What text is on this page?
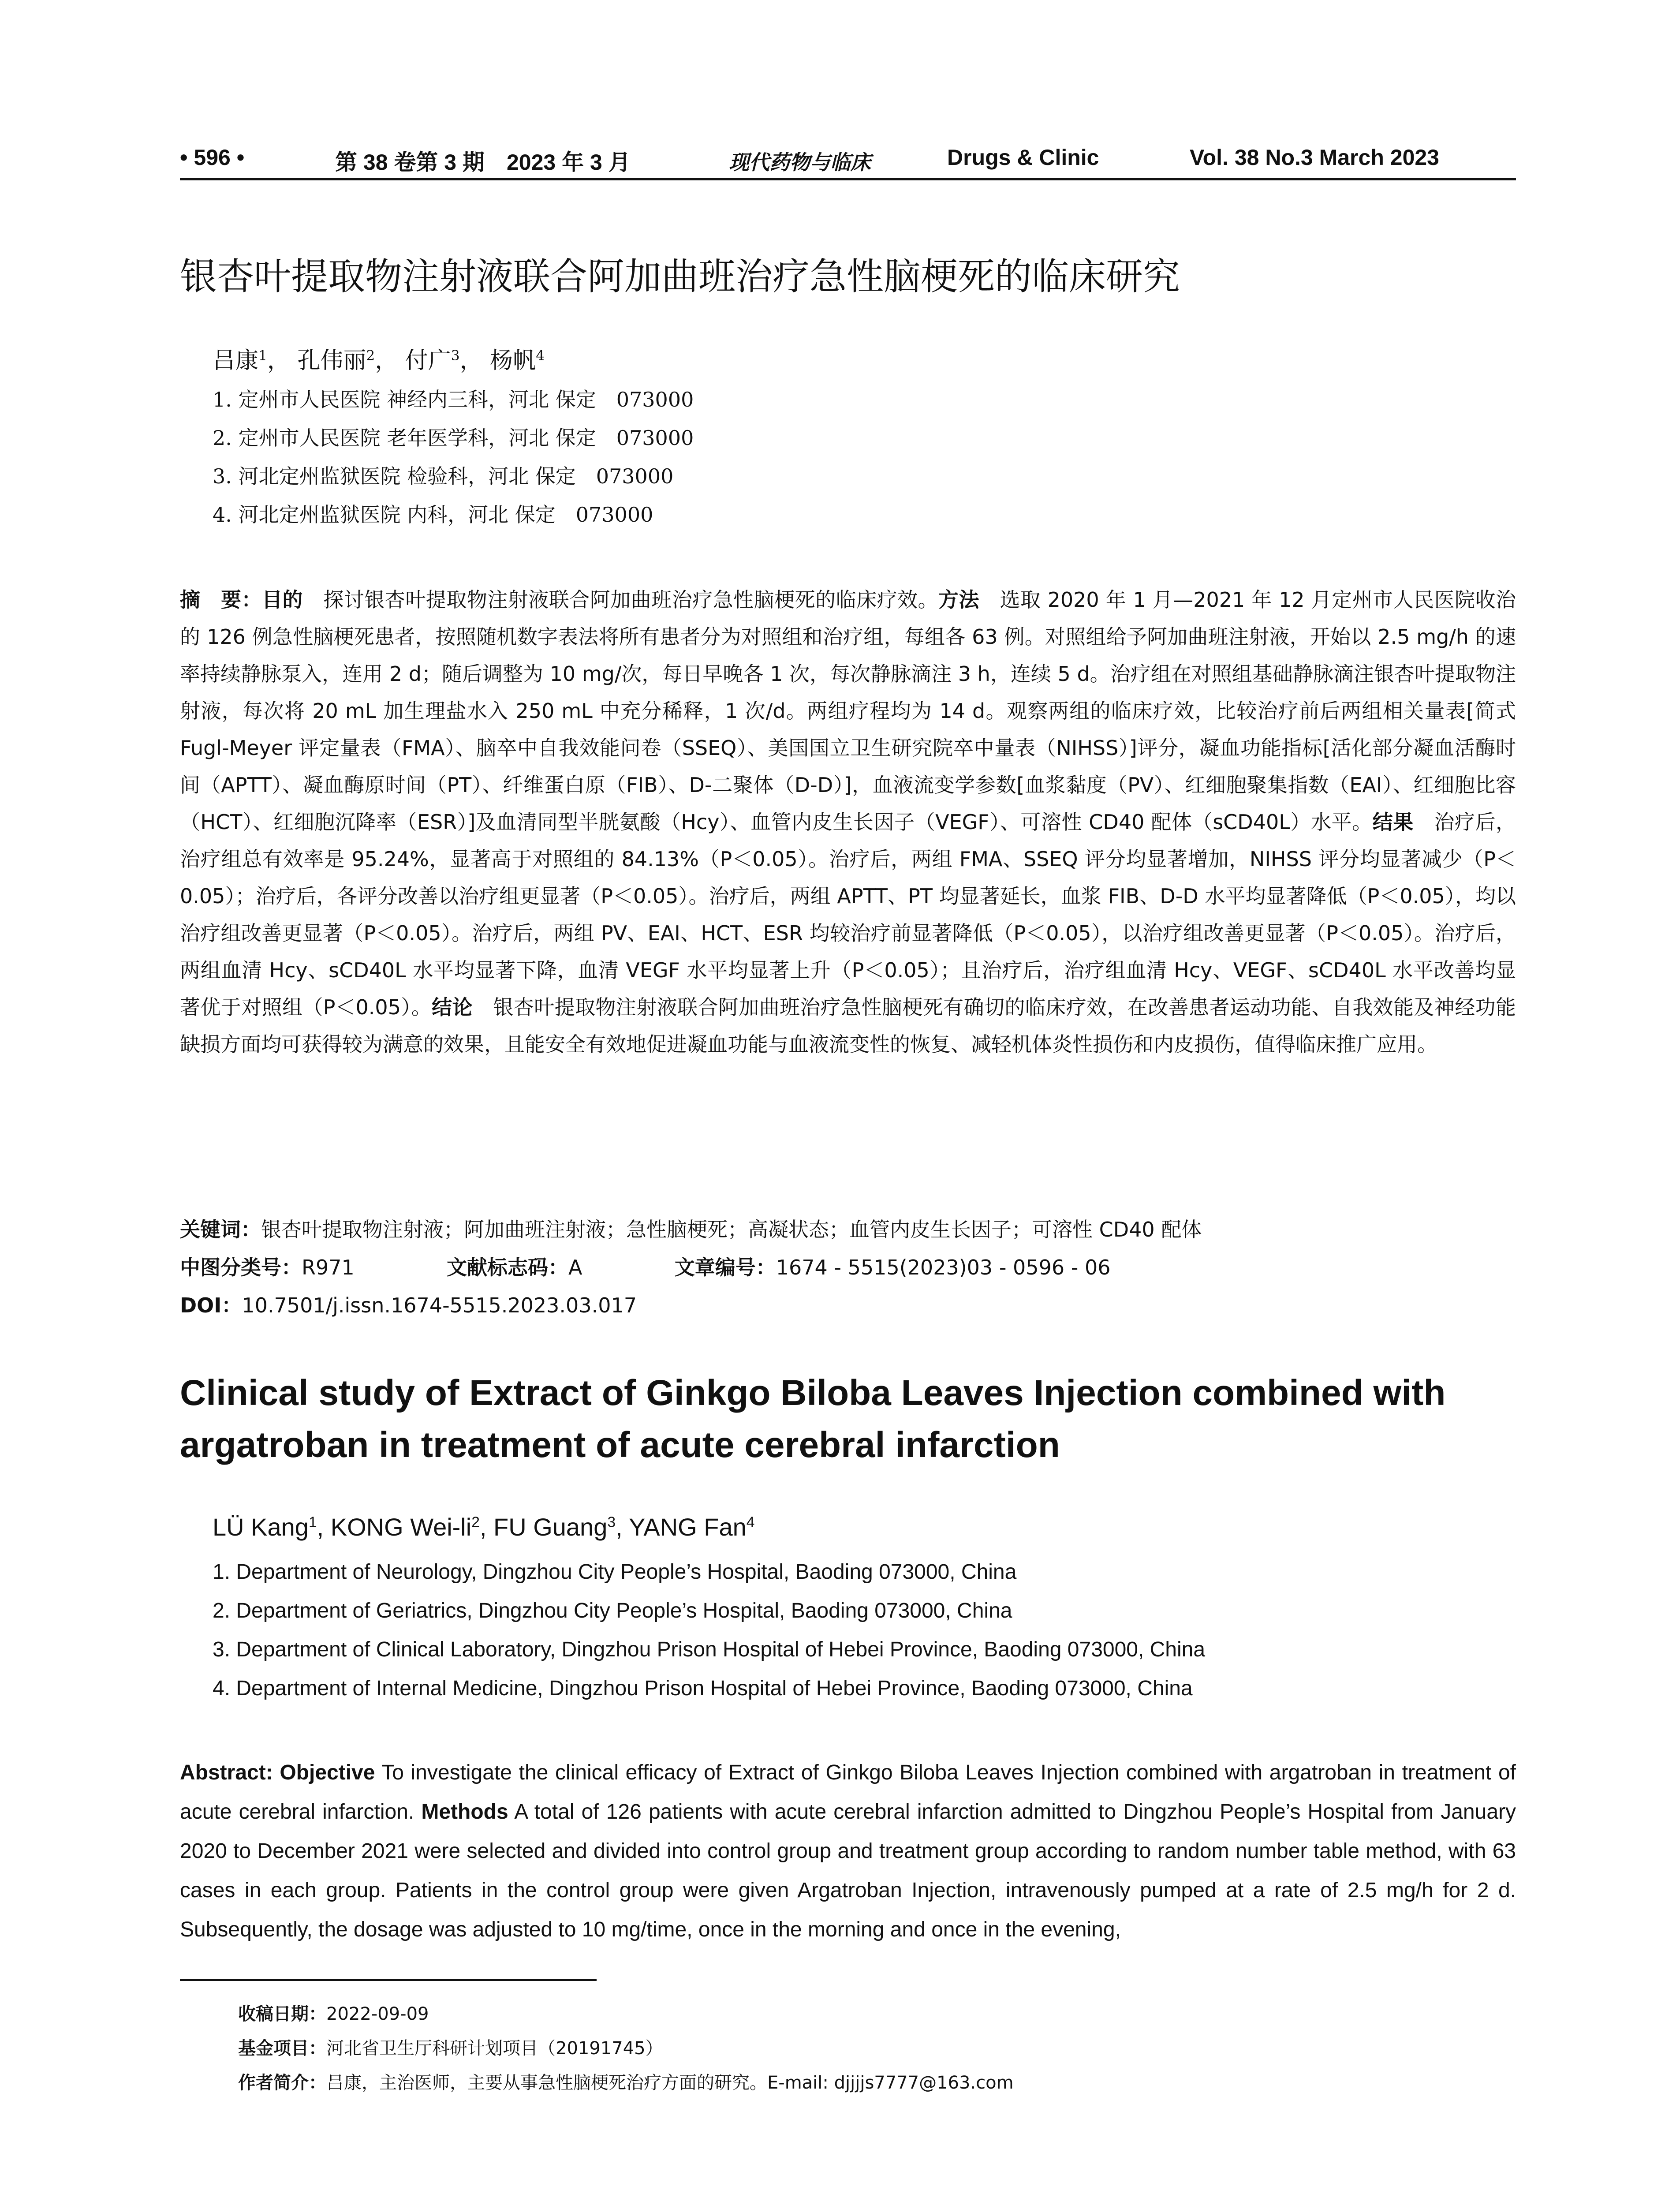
• 596 •	第 38 卷第 3 期　2023 年 3 月	现代药物与临床	Drugs & Clinic	Vol. 38 No.3 March 2023
银杏叶提取物注射液联合阿加曲班治疗急性脑梗死的临床研究
吕康$^1$， 孔伟丽$^2$， 付广$^3$， 杨帆$^4$
1. 定州市人民医院 神经内三科，河北 保定　073000
2. 定州市人民医院 老年医学科，河北 保定　073000
3. 河北定州监狱医院 检验科，河北 保定　073000
4. 河北定州监狱医院 内科，河北 保定　073000
摘　要：目的　探讨银杏叶提取物注射液联合阿加曲班治疗急性脑梗死的临床疗效。方法　选取 2020 年 1 月—2021 年 12 月定州市人民医院收治的 126 例急性脑梗死患者，按照随机数字表法将所有患者分为对照组和治疗组，每组各 63 例。对照组给予阿加曲班注射液，开始以 2.5 mg/h 的速率持续静脉泵入，连用 2 d；随后调整为 10 mg/次，每日早晚各 1 次，每次静脉滴注 3 h，连续 5 d。治疗组在对照组基础静脉滴注银杏叶提取物注射液，每次将 20 mL 加生理盐水入 250 mL 中充分稀释，1 次/d。两组疗程均为 14 d。观察两组的临床疗效，比较治疗前后两组相关量表[简式 Fugl-Meyer 评定量表（FMA）、脑卒中自我效能问卷（SSEQ）、美国国立卫生研究院卒中量表（NIHSS）]评分，凝血功能指标[活化部分凝血活酶时间（APTT）、凝血酶原时间（PT）、纤维蛋白原（FIB）、D-二聚体（D-D）]，血液流变学参数[血浆黏度（PV）、红细胞聚集指数（EAI）、红细胞比容（HCT）、红细胞沉降率（ESR）]及血清同型半胱氨酸（Hcy）、血管内皮生长因子（VEGF）、可溶性 CD40 配体（sCD40L）水平。结果　治疗后，治疗组总有效率是 95.24%，显著高于对照组的 84.13%（P＜0.05）。治疗后，两组 FMA、SSEQ 评分均显著增加，NIHSS 评分均显著减少（P＜0.05）；治疗后，各评分改善以治疗组更显著（P＜0.05）。治疗后，两组 APTT、PT 均显著延长，血浆 FIB、D-D 水平均显著降低（P＜0.05），均以治疗组改善更显著（P＜0.05）。治疗后，两组 PV、EAI、HCT、ESR 均较治疗前显著降低（P＜0.05），以治疗组改善更显著（P＜0.05）。治疗后，两组血清 Hcy、sCD40L 水平均显著下降，血清 VEGF 水平均显著上升（P＜0.05）；且治疗后，治疗组血清 Hcy、VEGF、sCD40L 水平改善均显著优于对照组（P＜0.05）。结论　银杏叶提取物注射液联合阿加曲班治疗急性脑梗死有确切的临床疗效，在改善患者运动功能、自我效能及神经功能缺损方面均可获得较为满意的效果，且能安全有效地促进凝血功能与血液流变性的恢复、减轻机体炎性损伤和内皮损伤，值得临床推广应用。
关键词：银杏叶提取物注射液；阿加曲班注射液；急性脑梗死；高凝状态；血管内皮生长因子；可溶性 CD40 配体
中图分类号：R971	文献标志码：A	文章编号：1674 - 5515(2023)03 - 0596 - 06
DOI：10.7501/j.issn.1674-5515.2023.03.017
Clinical study of Extract of Ginkgo Biloba Leaves Injection combined with argatroban in treatment of acute cerebral infarction
LÜ Kang$^1$, KONG Wei-$li^2$, FU Guang$^3$, YANG Fan$^4$
1. Department of Neurology, Dingzhou City People’s Hospital, Baoding 073000, China
2. Department of Geriatrics, Dingzhou City People’s Hospital, Baoding 073000, China
3. Department of Clinical Laboratory, Dingzhou Prison Hospital of Hebei Province, Baoding 073000, China
4. Department of Internal Medicine, Dingzhou Prison Hospital of Hebei Province, Baoding 073000, China
Abstract: Objective To investigate the clinical efficacy of Extract of Ginkgo Biloba Leaves Injection combined with argatroban in treatment of acute cerebral infarction. Methods A total of 126 patients with acute cerebral infarction admitted to Dingzhou People’s Hospital from January 2020 to December 2021 were selected and divided into control group and treatment group according to random number table method, with 63 cases in each group. Patients in the control group were given Argatroban Injection, intravenously pumped at a rate of 2.5 mg/h for 2 d. Subsequently, the dosage was adjusted to 10 mg/time, once in the morning and once in the evening,
收稿日期：2022-09-09
基金项目：河北省卫生厅科研计划项目（20191745）
作者简介：吕康，主治医师，主要从事急性脑梗死治疗方面的研究。E-mail: djjjjs7777@163.com
